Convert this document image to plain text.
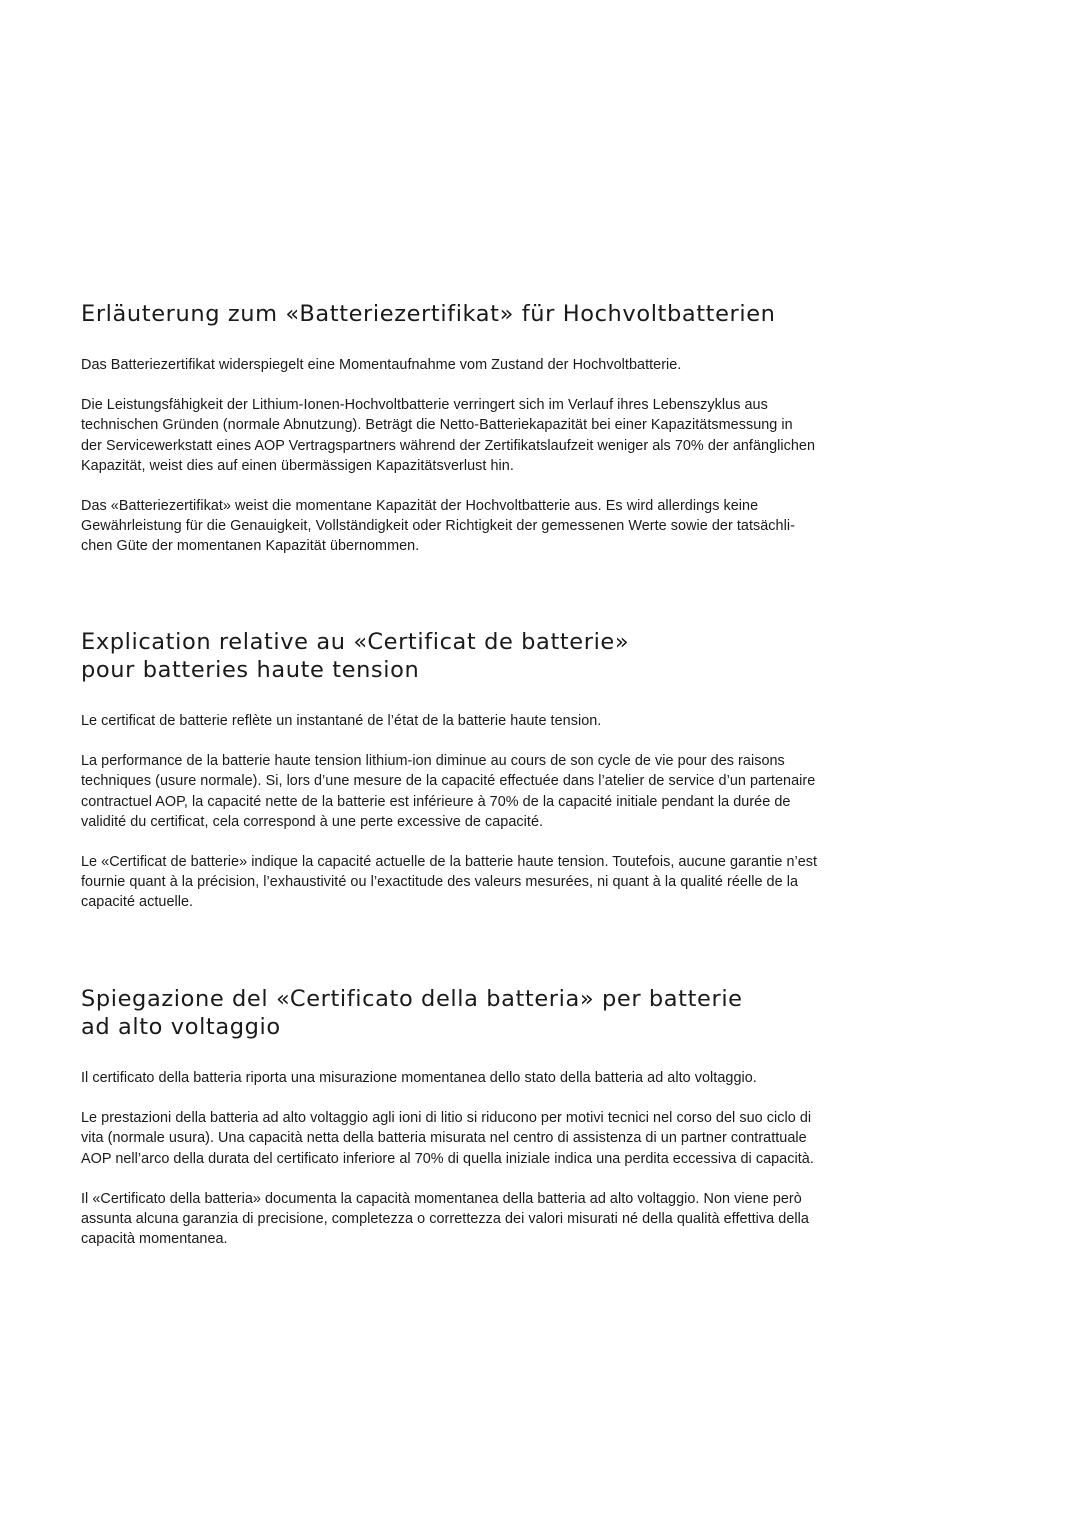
Erläuterung zum «Batteriezertifikat» für Hochvoltbatterien

Das Batteriezertifikat widerspiegelt eine Momentaufnahme vom Zustand der Hochvoltbatterie.

Die Leistungsfähigkeit der Lithium-Ionen-Hochvoltbatterie verringert sich im Verlauf ihres Lebenszyklus aus
technischen Gründen (normale Abnutzung). Beträgt die Netto-Batteriekapazität bei einer Kapazitätsmessung in
der Servicewerkstatt eines AOP Vertragspartners während der Zertifikatslaufzeit weniger als 70% der anfänglichen
Kapazität, weist dies auf einen übermässigen Kapazitätsverlust hin.

Das «Batteriezertifikat» weist die momentane Kapazität der Hochvoltbatterie aus. Es wird allerdings keine
Gewährleistung für die Genauigkeit, Vollständigkeit oder Richtigkeit der gemessenen Werte sowie der tatsächli-
chen Güte der momentanen Kapazität übernommen.

Explication relative au «Certificat de batterie»
pour batteries haute tension

Le certificat de batterie reflète un instantané de l’état de la batterie haute tension.

La performance de la batterie haute tension lithium-ion diminue au cours de son cycle de vie pour des raisons
techniques (usure normale). Si, lors d’une mesure de la capacité effectuée dans l’atelier de service d’un partenaire
contractuel AOP, la capacité nette de la batterie est inférieure à 70% de la capacité initiale pendant la durée de
validité du certificat, cela correspond à une perte excessive de capacité.

Le «Certificat de batterie» indique la capacité actuelle de la batterie haute tension. Toutefois, aucune garantie n’est
fournie quant à la précision, l’exhaustivité ou l’exactitude des valeurs mesurées, ni quant à la qualité réelle de la
capacité actuelle.

Spiegazione del «Certificato della batteria» per batterie
ad alto voltaggio

Il certificato della batteria riporta una misurazione momentanea dello stato della batteria ad alto voltaggio.

Le prestazioni della batteria ad alto voltaggio agli ioni di litio si riducono per motivi tecnici nel corso del suo ciclo di
vita (normale usura). Una capacità netta della batteria misurata nel centro di assistenza di un partner contrattuale
AOP nell’arco della durata del certificato inferiore al 70% di quella iniziale indica una perdita eccessiva di capacità.

Il «Certificato della batteria» documenta la capacità momentanea della batteria ad alto voltaggio. Non viene però
assunta alcuna garanzia di precisione, completezza o correttezza dei valori misurati né della qualità effettiva della
capacità momentanea.
